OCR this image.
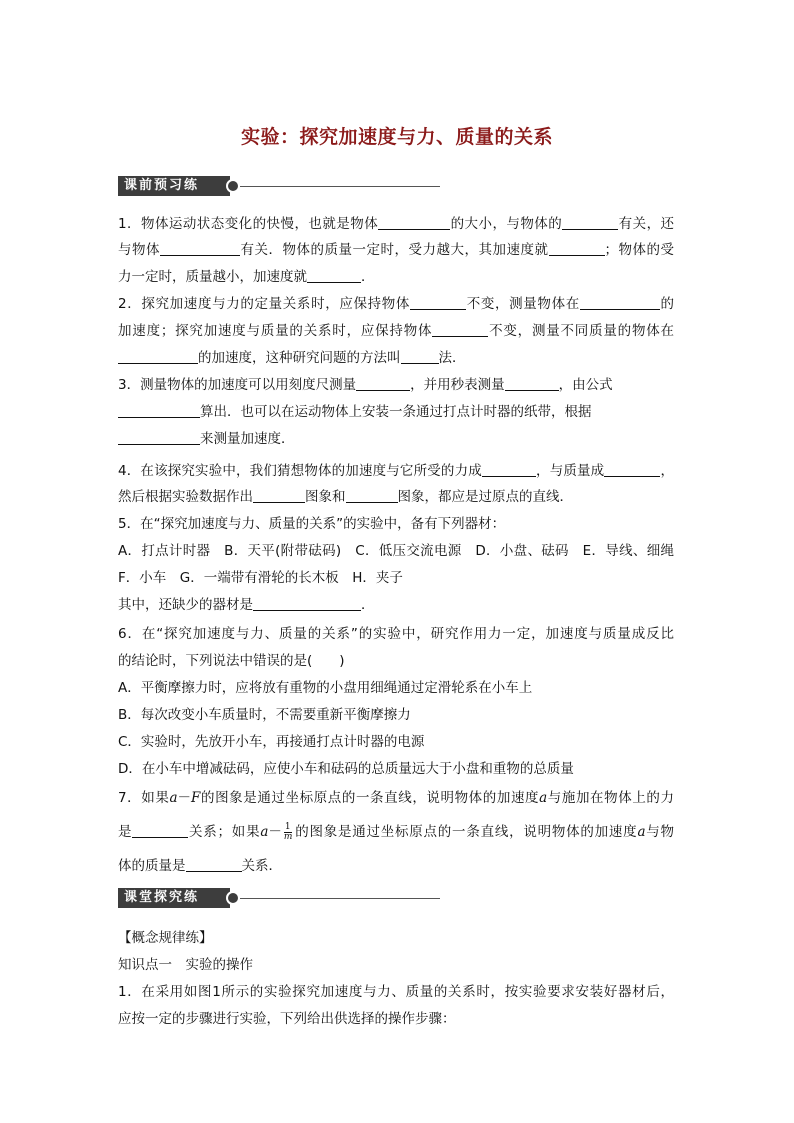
实验：探究加速度与力、质量的关系
课前预习练
1．物体运动状态变化的快慢，也就是物体	的大小，与物体的	有关，还
与物体	有关．物体的质量一定时，受力越大，其加速度就	；物体的受
力一定时，质量越小，加速度就	．
2．探究加速度与力的定量关系时，应保持物体	不变，测量物体在	的
加速度；探究加速度与质量的关系时，应保持物体	不变，测量不同质量的物体在
的加速度，这种研究问题的方法叫	法．
3．测量物体的加速度可以用刻度尺测量	，并用秒表测量	，由公式
算出．也可以在运动物体上安装一条通过打点计时器的纸带，根据
来测量加速度．
4．在该探究实验中，我们猜想物体的加速度与它所受的力成	，与质量成	，
然后根据实验数据作出	图象和	图象，都应是过原点的直线．
5．在“探究加速度与力、质量的关系”的实验中，备有下列器材：
A．打点计时器　B．天平(附带砝码)　C．低压交流电源　D．小盘、砝码　E．导线、细绳
F．小车　G．一端带有滑轮的长木板　H．夹子
其中，还缺少的器材是	．
6．在“探究加速度与力、质量的关系”的实验中，研究作用力一定，加速度与质量成反比
的结论时，下列说法中错误的是(　　)
A．平衡摩擦力时，应将放有重物的小盘用细绳通过定滑轮系在小车上
B．每次改变小车质量时，不需要重新平衡摩擦力
C．实验时，先放开小车，再接通打点计时器的电源
D．在小车中增减砝码，应使小车和砝码的总质量远大于小盘和重物的总质量
7．如果a－F的图象是通过坐标原点的一条直线，说明物体的加速度a与施加在物体上的力
是	关系；如果$a- \frac{1}{m}$ 的图象是通过坐标原点的一条直线，说明物体的加速度a与物
体的质量是	关系．
课堂探究练
【概念规律练】
知识点一　实验的操作
1．在采用如图1所示的实验探究加速度与力、质量的关系时，按实验要求安装好器材后，
应按一定的步骤进行实验，下列给出供选择的操作步骤：
